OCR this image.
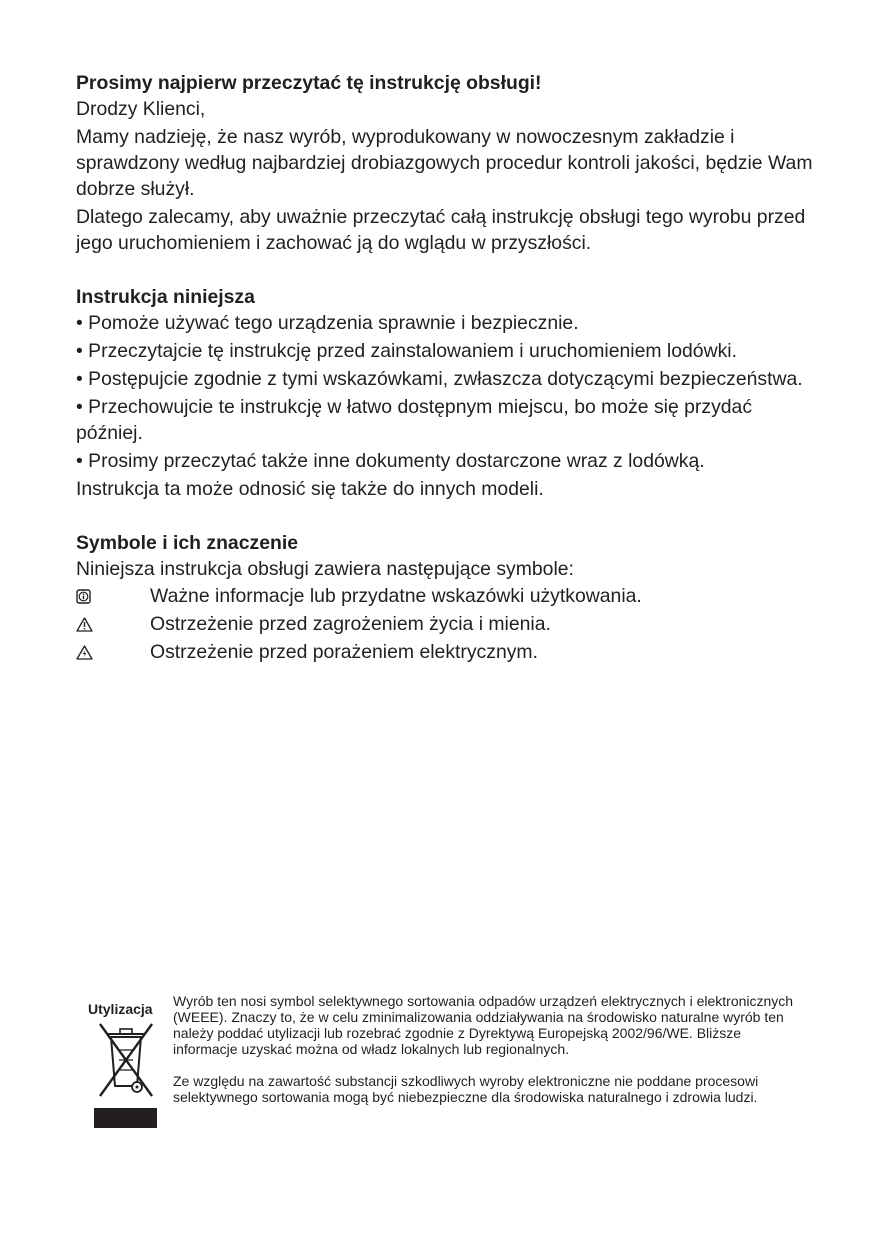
Prosimy najpierw przeczytać tę instrukcję obsługi!

Drodzy Klienci,

Mamy nadzieję, że nasz wyrób, wyprodukowany w nowoczesnym zakładzie i sprawdzony według najbardziej drobiazgowych procedur kontroli jakości, będzie Wam dobrze służył.

Dlatego zalecamy, aby uważnie przeczytać całą instrukcję obsługi tego wyrobu przed jego uruchomieniem i zachować ją do wglądu w przyszłości.

Instrukcja niniejsza

• Pomoże używać tego urządzenia sprawnie i bezpiecznie.

• Przeczytajcie tę instrukcję przed zainstalowaniem i uruchomieniem lodówki.

• Postępujcie zgodnie z tymi wskazówkami, zwłaszcza dotyczącymi bezpieczeństwa.

• Przechowujcie te instrukcję w łatwo dostępnym miejscu, bo może się przydać później.

• Prosimy przeczytać także inne dokumenty dostarczone wraz z lodówką.

Instrukcja ta może odnosić się także do innych modeli.

Symbole i ich znaczenie

Niniejsza instrukcja obsługi zawiera następujące symbole:

Ważne informacje lub przydatne wskazówki użytkowania.
Ostrzeżenie przed zagrożeniem życia i mienia.
Ostrzeżenie przed porażeniem elektrycznym.
Utylizacja Wyrób ten nosi symbol selektywnego sortowania odpadów urządzeń elektrycznych i elektronicznych (WEEE). Znaczy to, że w celu zminimalizowania oddziaływania na środowisko naturalne wyrób ten należy poddać utylizacji lub rozebrać zgodnie z Dyrektywą Europejską 2002/96/WE. Bliższe informacje uzyskać można od władz lokalnych lub regionalnych.

Ze względu na zawartość substancji szkodliwych wyroby elektroniczne nie poddane procesowi selektywnego sortowania mogą być niebezpieczne dla środowiska naturalnego i zdrowia ludzi.
